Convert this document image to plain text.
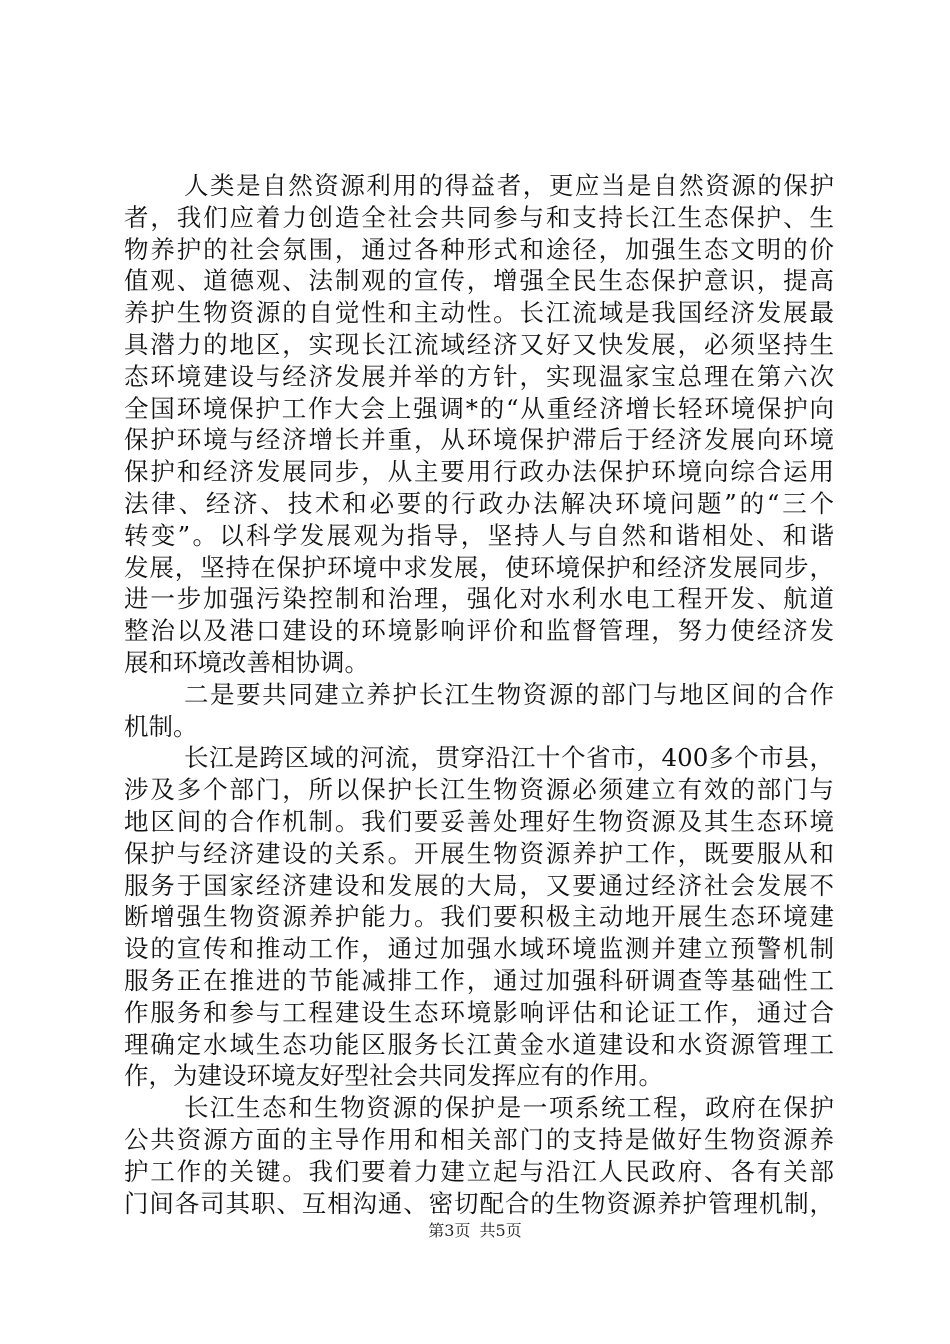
人类是自然资源利用的得益者，更应当是自然资源的保护
者，我们应着力创造全社会共同参与和支持长江生态保护、生
物养护的社会氛围，通过各种形式和途径，加强生态文明的价
值观、道德观、法制观的宣传，增强全民生态保护意识，提高
养护生物资源的自觉性和主动性。长江流域是我国经济发展最
具潜力的地区，实现长江流域经济又好又快发展，必须坚持生
态环境建设与经济发展并举的方针，实现温家宝总理在第六次
全国环境保护工作大会上强调*的“从重经济增长轻环境保护向
保护环境与经济增长并重，从环境保护滞后于经济发展向环境
保护和经济发展同步，从主要用行政办法保护环境向综合运用
法律、经济、技术和必要的行政办法解决环境问题”的“三个
转变”。以科学发展观为指导，坚持人与自然和谐相处、和谐
发展，坚持在保护环境中求发展，使环境保护和经济发展同步，
进一步加强污染控制和治理，强化对水利水电工程开发、航道
整治以及港口建设的环境影响评价和监督管理，努力使经济发
展和环境改善相协调。
二是要共同建立养护长江生物资源的部门与地区间的合作
机制。
长江是跨区域的河流，贯穿沿江十个省市，400多个市县，
涉及多个部门，所以保护长江生物资源必须建立有效的部门与
地区间的合作机制。我们要妥善处理好生物资源及其生态环境
保护与经济建设的关系。开展生物资源养护工作，既要服从和
服务于国家经济建设和发展的大局，又要通过经济社会发展不
断增强生物资源养护能力。我们要积极主动地开展生态环境建
设的宣传和推动工作，通过加强水域环境监测并建立预警机制
服务正在推进的节能减排工作，通过加强科研调查等基础性工
作服务和参与工程建设生态环境影响评估和论证工作，通过合
理确定水域生态功能区服务长江黄金水道建设和水资源管理工
作，为建设环境友好型社会共同发挥应有的作用。
长江生态和生物资源的保护是一项系统工程，政府在保护
公共资源方面的主导作用和相关部门的支持是做好生物资源养
护工作的关键。我们要着力建立起与沿江人民政府、各有关部
门间各司其职、互相沟通、密切配合的生物资源养护管理机制，
第3页 共5页
